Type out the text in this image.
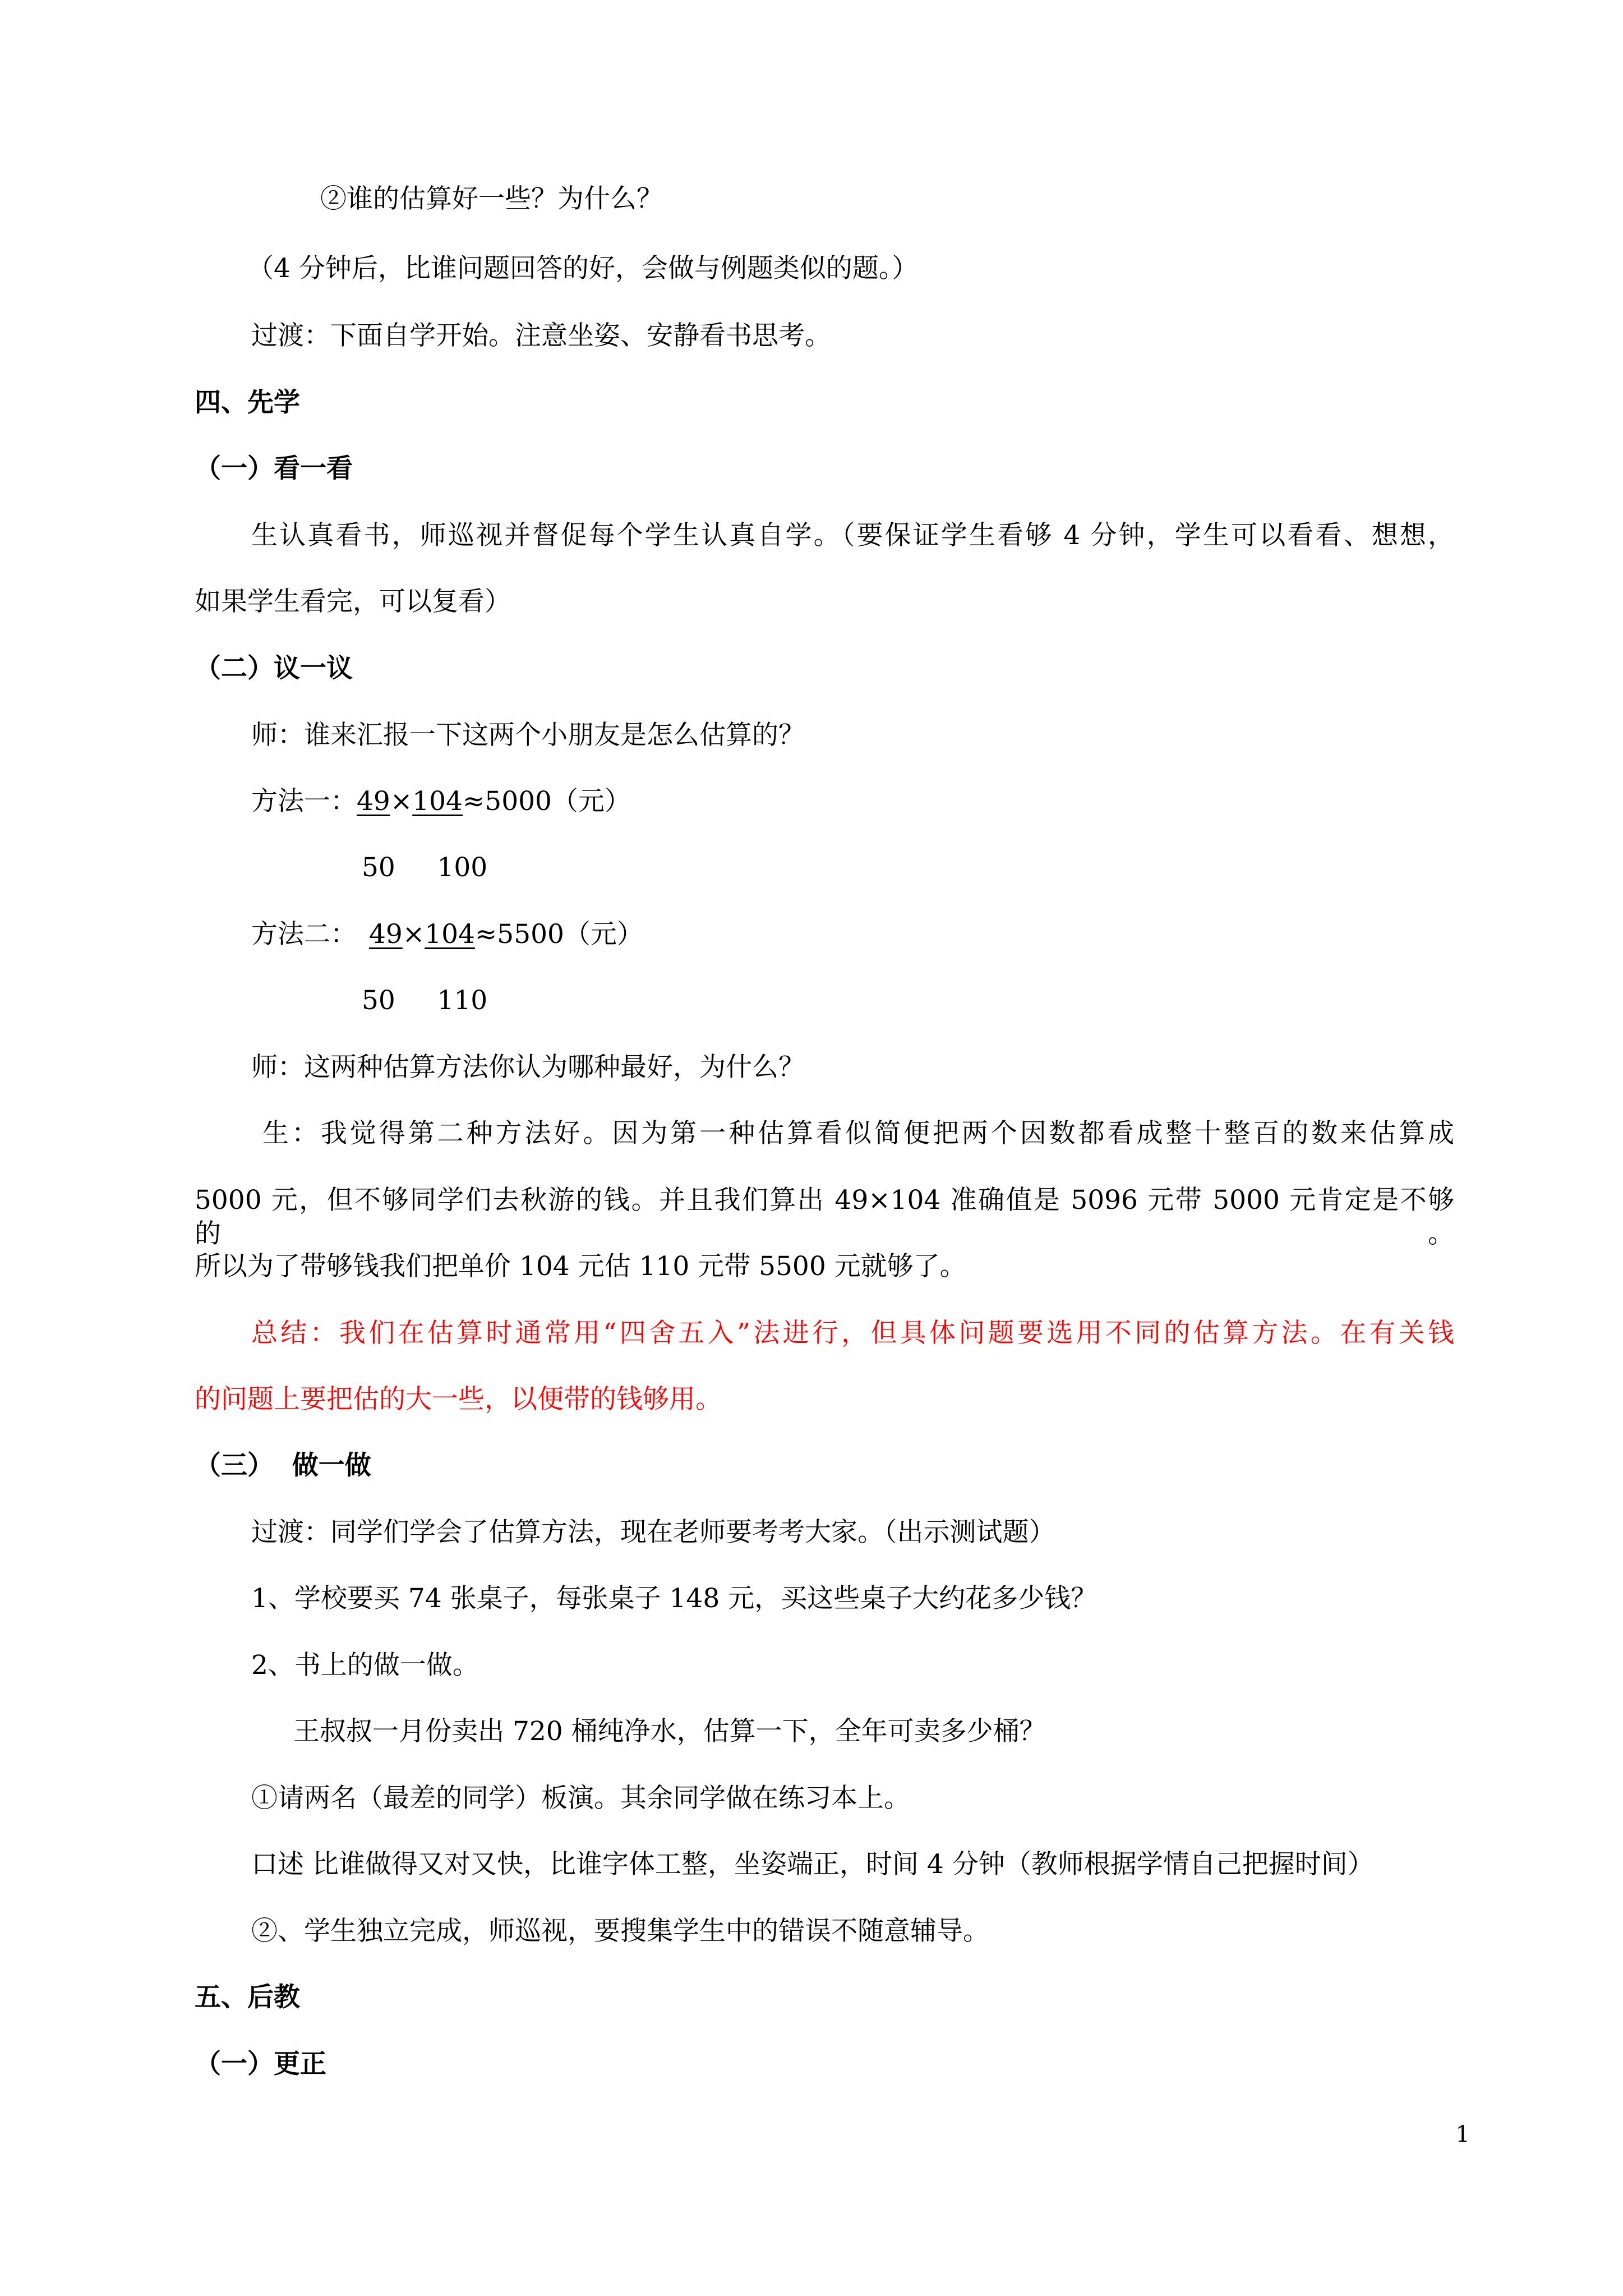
②谁的估算好一些？为什么？
（4 分钟后，比谁问题回答的好，会做与例题类似的题。）
过渡：下面自学开始。注意坐姿、安静看书思考。
四、先学
（一）看一看
生认真看书，师巡视并督促每个学生认真自学。（要保证学生看够 4 分钟，学生可以看看、想想，
如果学生看完，可以复看）
（二）议一议
师：谁来汇报一下这两个小朋友是怎么估算的？
方法一：49×104≈5000（元）
50     100
方法二： 49×104≈5500（元）
50     110
师：这两种估算方法你认为哪种最好，为什么？
生：我觉得第二种方法好。因为第一种估算看似简便把两个因数都看成整十整百的数来估算成
5000 元，但不够同学们去秋游的钱。并且我们算出 49×104 准确值是 5096 元带 5000 元肯定是不够的。
所以为了带够钱我们把单价 104 元估 110 元带 5500 元就够了。
总结：我们在估算时通常用“四舍五入”法进行，但具体问题要选用不同的估算方法。在有关钱
的问题上要把估的大一些，以便带的钱够用。
（三）  做一做
过渡：同学们学会了估算方法，现在老师要考考大家。（出示测试题）
1、学校要买 74 张桌子，每张桌子 148 元，买这些桌子大约花多少钱？
2、书上的做一做。
王叔叔一月份卖出 720 桶纯净水，估算一下，全年可卖多少桶？
①请两名（最差的同学）板演。其余同学做在练习本上。
口述 比谁做得又对又快，比谁字体工整，坐姿端正，时间 4 分钟（教师根据学情自己把握时间）
②、学生独立完成，师巡视，要搜集学生中的错误不随意辅导。
五、后教
（一）更正
1
